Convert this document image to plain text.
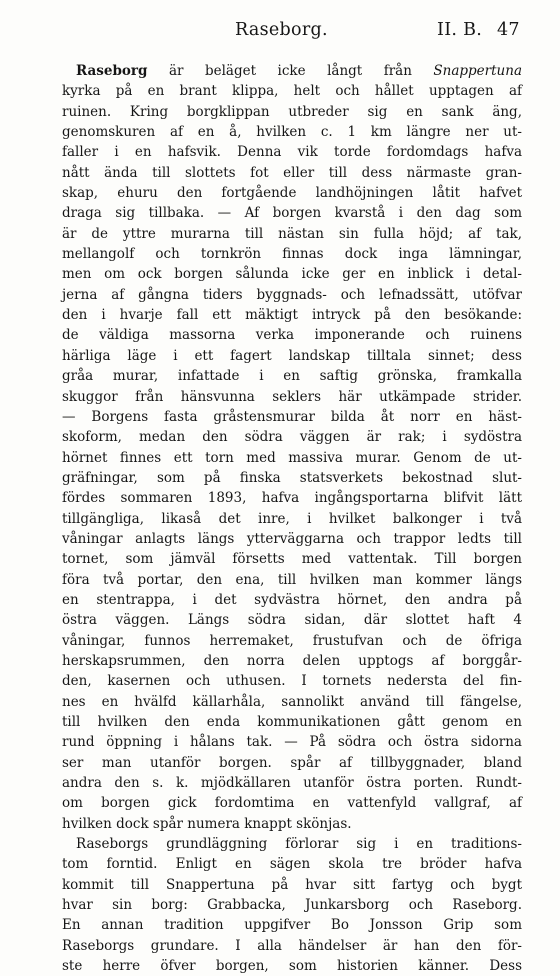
Raseborg.	II. B. 47
Raseborg är beläget icke långt från Snappertuna
kyrka på en brant klippa, helt och hållet upptagen af
ruinen. Kring borgklippan utbreder sig en sank äng,
genomskuren af en å, hvilken c. 1 km längre ner ut-
faller i en hafsvik. Denna vik torde fordomdags hafva
nått ända till slottets fot eller till dess närmaste gran-
skap, ehuru den fortgående landhöjningen låtit hafvet
draga sig tillbaka. — Af borgen kvarstå i den dag som
är de yttre murarna till nästan sin fulla höjd; af tak,
mellangolf och tornkrön finnas dock inga lämningar,
men om ock borgen sålunda icke ger en inblick i detal-
jerna af gångna tiders byggnads- och lefnadssätt, utöfvar
den i hvarje fall ett mäktigt intryck på den besökande:
de väldiga massorna verka imponerande och ruinens
härliga läge i ett fagert landskap tilltala sinnet; dess
gråa murar, infattade i en saftig grönska, framkalla
skuggor från hänsvunna seklers här utkämpade strider.
— Borgens fasta gråstensmurar bilda åt norr en häst-
skoform, medan den södra väggen är rak; i sydöstra
hörnet finnes ett torn med massiva murar. Genom de ut-
gräfningar, som på finska statsverkets bekostnad slut-
fördes sommaren 1893, hafva ingångsportarna blifvit lätt
tillgängliga, likaså det inre, i hvilket balkonger i två
våningar anlagts längs ytterväggarna och trappor ledts till
tornet, som jämväl försetts med vattentak. Till borgen
föra två portar, den ena, till hvilken man kommer längs
en stentrappa, i det sydvästra hörnet, den andra på
östra väggen. Längs södra sidan, där slottet haft 4
våningar, funnos herremaket, frustufvan och de öfriga
herskapsrummen, den norra delen upptogs af borggår-
den, kasernen och uthusen. I tornets nedersta del fin-
nes en hvälfd källarhåla, sannolikt använd till fängelse,
till hvilken den enda kommunikationen gått genom en
rund öppning i hålans tak. — På södra och östra sidorna
ser man utanför borgen. spår af tillbyggnader, bland
andra den s. k. mjödkällaren utanför östra porten. Rundt-
om borgen gick fordomtima en vattenfyld vallgraf, af
hvilken dock spår numera knappt skönjas.
Raseborgs grundläggning förlorar sig i en traditions-
tom forntid. Enligt en sägen skola tre bröder hafva
kommit till Snappertuna på hvar sitt fartyg och bygt
hvar sin borg: Grabbacka, Junkarsborg och Raseborg.
En annan tradition uppgifver Bo Jonsson Grip som
Raseborgs grundare. I alla händelser är han den för-
ste herre öfver borgen, som historien känner. Dess
